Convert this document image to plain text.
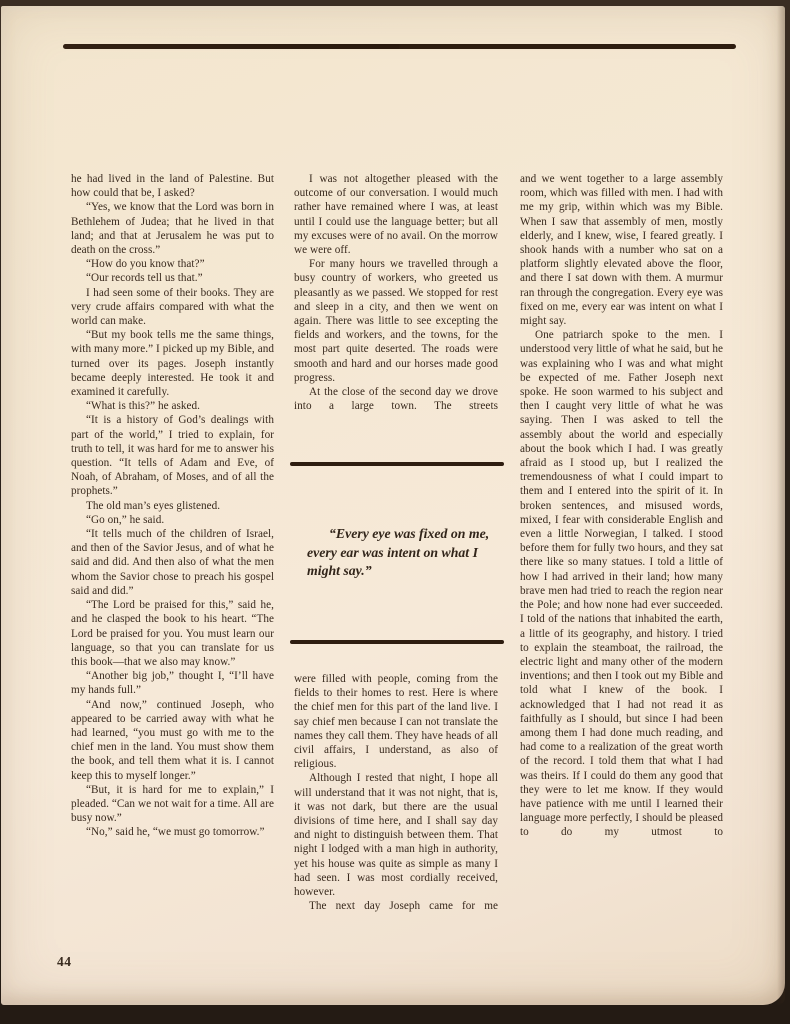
he had lived in the land of Palestine. But how could that be, I asked?

“Yes, we know that the Lord was born in Bethlehem of Judea; that he lived in that land; and that at Jerusalem he was put to death on the cross.”

“How do you know that?”

“Our records tell us that.”

I had seen some of their books. They are very crude affairs compared with what the world can make.

“But my book tells me the same things, with many more.” I picked up my Bible, and turned over its pages. Joseph instantly became deeply interested. He took it and examined it carefully.

“What is this?” he asked.

“It is a history of God’s dealings with part of the world,” I tried to explain, for truth to tell, it was hard for me to answer his question. “It tells of Adam and Eve, of Noah, of Abraham, of Moses, and of all the prophets.”

The old man’s eyes glistened.

“Go on,” he said.

“It tells much of the children of Israel, and then of the Savior Jesus, and of what he said and did. And then also of what the men whom the Savior chose to preach his gospel said and did.”

“The Lord be praised for this,” said he, and he clasped the book to his heart. “The Lord be praised for you. You must learn our language, so that you can translate for us this book—that we also may know.”

“Another big job,” thought I, “I’ll have my hands full.”

“And now,” continued Joseph, who appeared to be carried away with what he had learned, “you must go with me to the chief men in the land. You must show them the book, and tell them what it is. I cannot keep this to myself longer.”

“But, it is hard for me to explain,” I pleaded. “Can we not wait for a time. All are busy now.”

“No,” said he, “we must go tomorrow.”

I was not altogether pleased with the outcome of our conversation. I would much rather have remained where I was, at least until I could use the language better; but all my excuses were of no avail. On the morrow we were off.

For many hours we travelled through a busy country of workers, who greeted us pleasantly as we passed. We stopped for rest and sleep in a city, and then we went on again. There was little to see excepting the fields and workers, and the towns, for the most part quite deserted. The roads were smooth and hard and our horses made good progress.

At the close of the second day we drove into a large town. The streets

“Every eye was fixed on me, every ear was intent on what I might say.”

were filled with people, coming from the fields to their homes to rest. Here is where the chief men for this part of the land live. I say chief men because I can not translate the names they call them. They have heads of all civil affairs, I understand, as also of religious.

Although I rested that night, I hope all will understand that it was not night, that is, it was not dark, but there are the usual divisions of time here, and I shall say day and night to distinguish between them. That night I lodged with a man high in authority, yet his house was quite as simple as many I had seen. I was most cordially received, however.

The next day Joseph came for me

and we went together to a large assembly room, which was filled with men. I had with me my grip, within which was my Bible. When I saw that assembly of men, mostly elderly, and I knew, wise, I feared greatly. I shook hands with a number who sat on a platform slightly elevated above the floor, and there I sat down with them. A murmur ran through the congregation. Every eye was fixed on me, every ear was intent on what I might say.

One patriarch spoke to the men. I understood very little of what he said, but he was explaining who I was and what might be expected of me. Father Joseph next spoke. He soon warmed to his subject and then I caught very little of what he was saying. Then I was asked to tell the assembly about the world and especially about the book which I had. I was greatly afraid as I stood up, but I realized the tremendousness of what I could impart to them and I entered into the spirit of it. In broken sentences, and misused words, mixed, I fear with considerable English and even a little Norwegian, I talked. I stood before them for fully two hours, and they sat there like so many statues. I told a little of how I had arrived in their land; how many brave men had tried to reach the region near the Pole; and how none had ever succeeded. I told of the nations that inhabited the earth, a little of its geography, and history. I tried to explain the steamboat, the railroad, the electric light and many other of the modern inventions; and then I took out my Bible and told what I knew of the book. I acknowledged that I had not read it as faithfully as I should, but since I had been among them I had done much reading, and had come to a realization of the great worth of the record. I told them that what I had was theirs. If I could do them any good that they were to let me know. If they would have patience with me until I learned their language more perfectly, I should be pleased to do my utmost to

44
